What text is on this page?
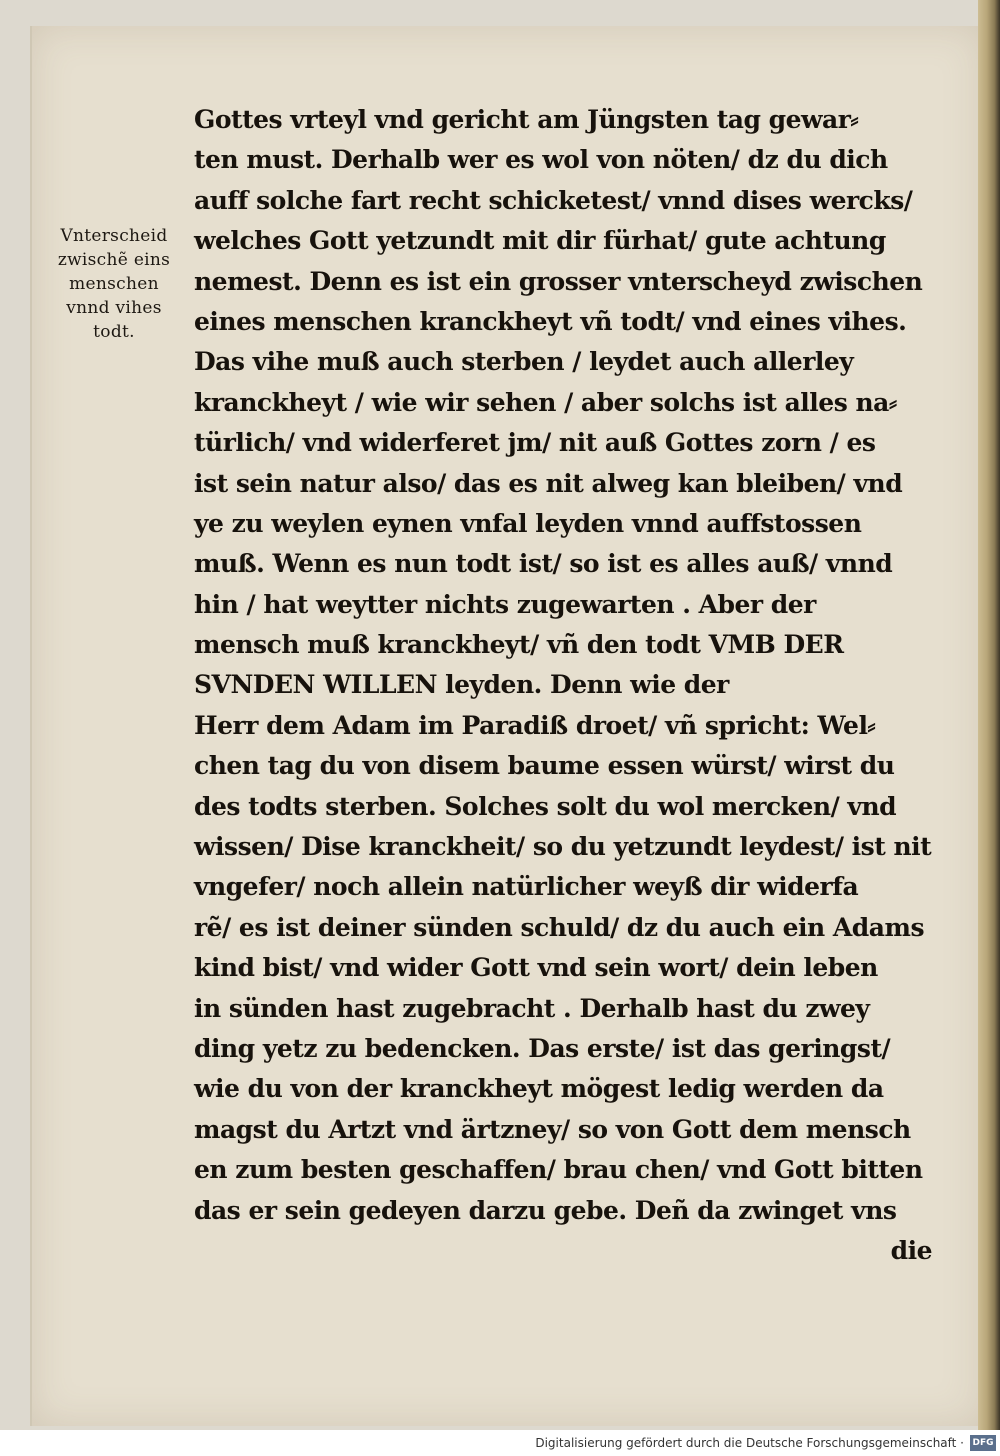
Vnterscheid
zwischẽ eins
menschen
vnnd vihes
todt.
Gottes vrteyl vnd gericht am Jüngsten tag gewar⸗
ten must. Derhalb wer es wol von nöten/ dz du dich
auff solche fart recht schicketest/ vnnd dises wercks/
welches Gott yetzundt mit dir fürhat/ gute achtung
nemest. Denn es ist ein grosser vnterscheyd zwischen
eines menschen kranckheyt vñ todt/ vnd eines vihes.
Das vihe muß auch sterben / leydet auch allerley
kranckheyt / wie wir sehen / aber solchs ist alles na⸗
türlich/ vnd widerferet jm/ nit auß Gottes zorn / es
ist sein natur also/ das es nit alweg kan bleiben/ vnd
ye zu weylen eynen vnfal leyden vnnd auffstossen
muß. Wenn es nun todt ist/ so ist es alles auß/ vnnd
hin / hat weytter nichts zugewarten . Aber der
mensch muß kranckheyt/ vñ den todt VMB DER
SVNDEN WILLEN leyden. Denn wie der
Herr dem Adam im Paradiß droet/ vñ spricht: Wel⸗
chen tag du von disem baume essen würst/ wirst du
des todts sterben. Solches solt du wol mercken/ vnd
wissen/ Dise kranckheit/ so du yetzundt leydest/ ist nit
vngefer/ noch allein natürlicher weyß dir widerfa
rẽ/ es ist deiner sünden schuld/ dz du auch ein Adams
kind bist/ vnd wider Gott vnd sein wort/ dein leben
in sünden hast zugebracht . Derhalb hast du zwey
ding yetz zu bedencken. Das erste/ ist das geringst/
wie du von der kranckheyt mögest ledig werden da
magst du Artzt vnd ärtzney/ so von Gott dem mensch
en zum besten geschaffen/ brau chen/ vnd Gott bitten
das er sein gedeyen darzu gebe. Deñ da zwinget vns
die
Digitalisierung gefördert durch die Deutsche Forschungsgemeinschaft · DFG
